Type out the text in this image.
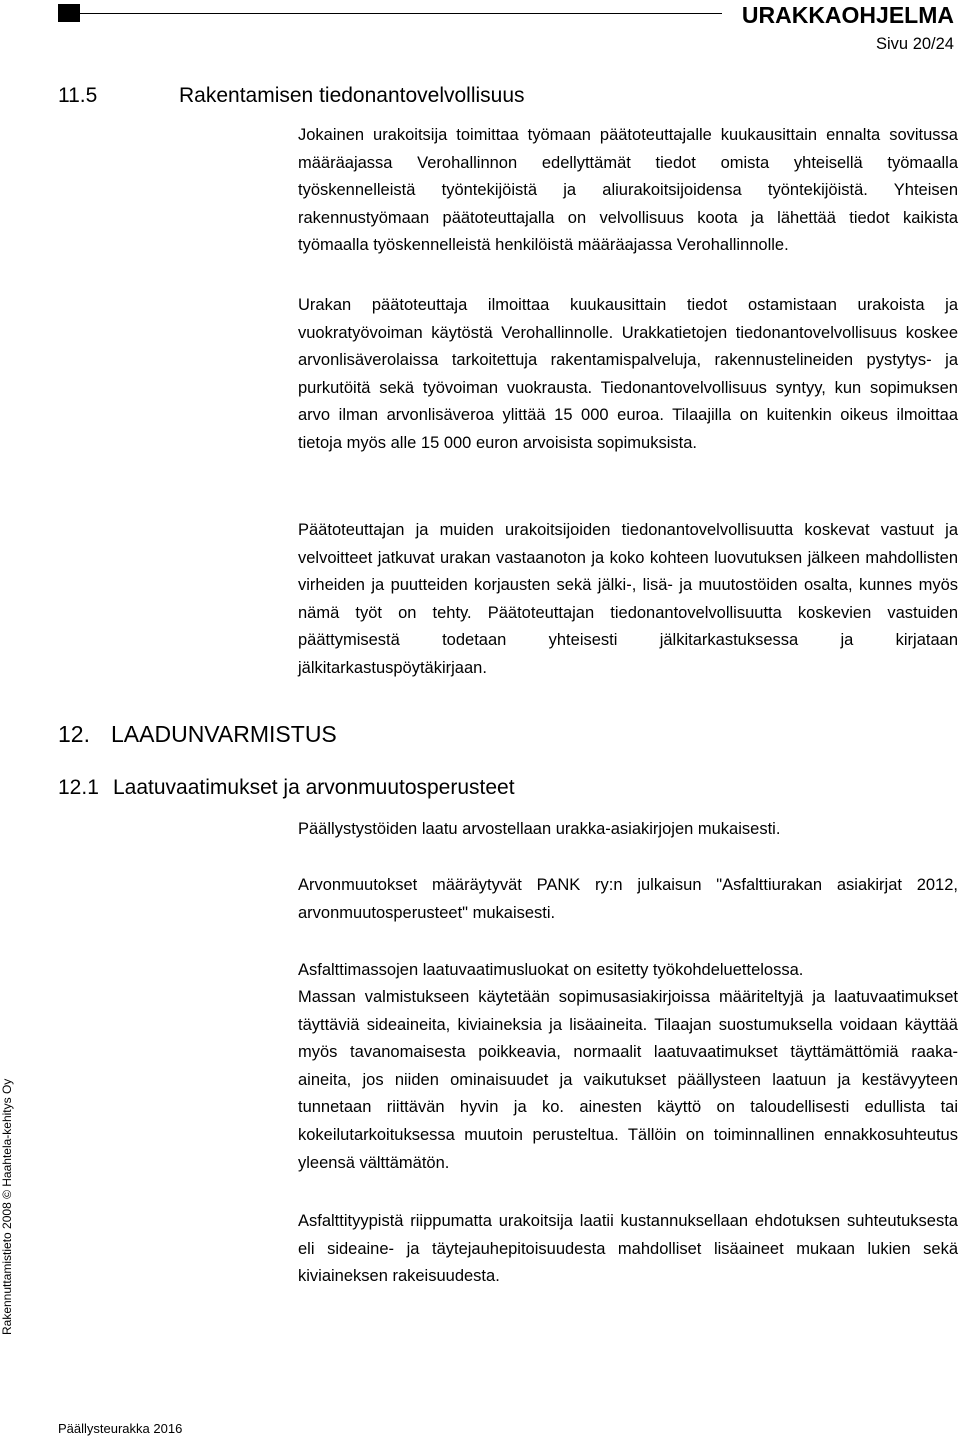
URAKKAOHJELMA
Sivu 20/24
11.5	Rakentamisen tiedonantovelvollisuus

Jokainen urakoitsija toimittaa työmaan päätoteuttajalle kuukausittain ennalta sovitussa määräajassa Verohallinnon edellyttämät tiedot omista yhteisellä työmaalla työskennelleistä työntekijöistä ja aliurakoitsijoidensa työntekijöistä. Yhteisen rakennustyömaan päätoteuttajalla on velvollisuus koota ja lähettää tiedot kaikista työmaalla työskennelleistä henkilöistä määräajassa Verohallinnolle.

Urakan päätoteuttaja ilmoittaa kuukausittain tiedot ostamistaan urakoista ja vuokratyövoiman käytöstä Verohallinnolle. Urakkatietojen tiedonantovelvollisuus koskee arvonlisäverolaissa tarkoitettuja rakentamispalveluja, rakennustelineiden pystytys- ja purkutöitä sekä työvoiman vuokrausta. Tiedonantovelvollisuus syntyy, kun sopimuksen arvo ilman arvonlisäveroa ylittää 15 000 euroa. Tilaajilla on kuitenkin oikeus ilmoittaa tietoja myös alle 15 000 euron arvoisista sopimuksista.

Päätoteuttajan ja muiden urakoitsijoiden tiedonantovelvollisuutta koskevat vastuut ja velvoitteet jatkuvat urakan vastaanoton ja koko kohteen luovutuksen jälkeen mahdollisten virheiden ja puutteiden korjausten sekä jälki-, lisä- ja muutostöiden osalta, kunnes myös nämä työt on tehty. Päätoteuttajan tiedonantovelvollisuutta koskevien vastuiden päättymisestä todetaan yhteisesti jälkitarkastuksessa ja kirjataan jälkitarkastuspöytäkirjaan.

12. LAADUNVARMISTUS
12.1 Laatuvaatimukset ja arvonmuutosperusteet

Päällystystöiden laatu arvostellaan urakka-asiakirjojen mukaisesti.

Arvonmuutokset määräytyvät PANK ry:n julkaisun "Asfalttiurakan asiakirjat 2012, arvonmuutosperusteet" mukaisesti.

Asfalttimassojen laatuvaatimusluokat on esitetty työkohdeluettelossa.

Massan valmistukseen käytetään sopimusasiakirjoissa määriteltyjä ja laatuvaatimukset täyttäviä sideaineita, kiviaineksia ja lisäaineita. Tilaajan suostumuksella voidaan käyttää myös tavanomaisesta poikkeavia, normaalit laatuvaatimukset täyttämättömiä raaka-aineita, jos niiden ominaisuudet ja vaikutukset päällysteen laatuun ja kestävyyteen tunnetaan riittävän hyvin ja ko. ainesten käyttö on taloudellisesti edullista tai kokeilutarkoituksessa muutoin perusteltua. Tällöin on toiminnallinen ennakkosuhteutus yleensä välttämätön.

Asfalttityypistä riippumatta urakoitsija laatii kustannuksellaan ehdotuksen suhteutuksesta eli sideaine- ja täytejauhepitoisuudesta mahdolliset lisäaineet mukaan lukien sekä kiviaineksen rakeisuudesta.

Rakennuttamistieto 2008 © Haahtela-kehitys Oy
Päällysteurakka 2016
